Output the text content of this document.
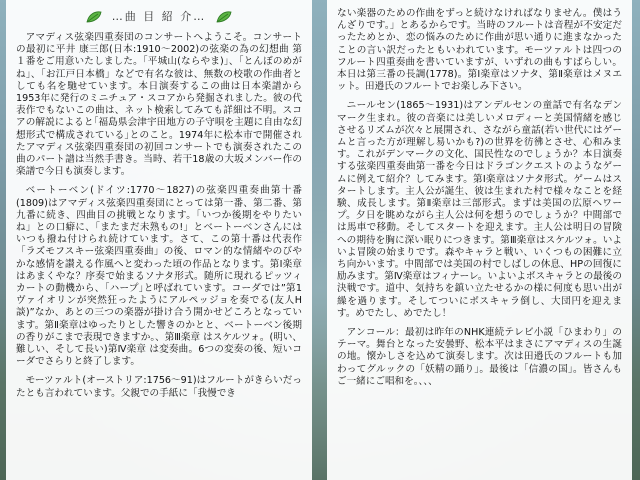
…曲 目 紹 介…

アマディス弦楽四重奏団のコンサートへようこそ。コンサートの最初に平井 康三郎(日本:1910〜2002)の弦楽の為の幻想曲 第１番をご用意いたしました。「平城山(ならやま)」、「とんぼのめがね」、「お江戸日本橋」などで有名な彼は、無数の校歌の作曲者としても名を馳せています。本日演奏するこの曲は日本楽譜から1953年に発行のミニチュア・スコアから発掘されました。彼の代表作でもないこの曲は、ネット検索してみても詳細は不明。スコアの解説によると｢福島県会津宇田地方の子守唄を主題に自由な幻想形式で構成されている｣とのこと。1974年に松本市で開催されたアマディス弦楽四重奏団の初回コンサートでも演奏されたこの曲のパート譜は当然手書き。当時、若干18歳の大坂メンバー作の楽譜で今日も演奏します。

ベートーベン(ドイツ:1770〜1827)の弦楽四重奏曲第十番(1809)はアマディス弦楽四重奏団にとっては第一番、第二番、第九番に続き、四曲目の挑戦となります。「いつか後期をやりたいね」との口癖に、「またまだ未熟もの!」とベートーベンさんにはいつも撥ね付けられ続けています。さて、この第十番は代表作「ラズモフスキー弦楽四重奏曲」の後、ロマン的な情緒やのびやかな感情を讃える作風へと変わった頃の作品となります。第Ⅰ楽章はあまくやな？序奏で始まるソナタ形式。随所に現れるピッツィカートの動機から、｢ハープ｣と呼ばれています。コーダでは”第1ヴァイオリンが突然狂ったようにアルペッジョを奏でる(友人H談)”なか、あとの三つの楽器が掛け合う開かせどころとなっています。第Ⅱ楽章はゆったりとした響きのかとと、ベートーベン後期の香りがこまで表現できますか。、第Ⅲ楽章 はスケルツォ。(明い、難しい、そして長い)第Ⅳ楽章 は変奏曲。6つの変奏の後、短いコーダでさらりと終了します。

モーツァルト(オーストリア:1756〜91)はフルートがきらいだったとも言われています。父親での手紙に「我慢でき

ない楽器のための作曲をずっと続けなければなりません。僕はうんざりです。」とあるからです。当時のフルートは音程が不安定だったためとか、恋の悩みのために作曲が思い通りに進まなかったことの言い訳だったともいわれています。モーツァルトは四つのフルート四重奏曲を書いていますが、いずれの曲もすばらしい。本日は第三番の長調(1778)。第Ⅰ楽章はソナタ、第Ⅱ楽章はメヌエット。田邉氏のフルートでお楽しみ下さい。

ニールセン(1865〜1931)はアンデルセンの童話で有名なデンマーク生まれ。彼の音楽には美しいメロディーと美国情緒を感じさせるリズムが次々と展開され、さながら童話(若い世代にはゲームと言った方が理解し易いかも?)の世界を彷彿とさせ、心和みます。これがデンマークの文化、国民性なのでしょうか？本日演奏する弦楽四重奏曲第一番を今日はドラゴンクエストのようなゲームに例えて紹介？してみます。第Ⅰ楽章はソナタ形式。ゲームはスタートします。主人公が誕生、彼は生まれた村で様々なことを経験、成長します。第Ⅱ楽章は三部形式。まずは美国の広原ヘワープ。夕日を眺めながら主人公は何を想うのでしょうか？中間部では馬車で移動。そしてスタートを迎えます。主人公は明日の冒険への期待を胸に深い眠りにつきます。第Ⅲ楽章はスケルツォ。いよいよ冒険の始まりです。森やキャラと戦い、いくつもの困難に立ち向かいます。中間部では美国の村でしばしの休息、HPの回復に励みます。第Ⅳ楽章はフィナーレ。いよいよボスキャラとの最後の決戦です。道中、気持ちを鎮い立たせるかの様に何度も思い出が繰を過ります。そしてついにボスキャラ倒し、大団円を迎えます。めでたし、めでたし！

アンコール：最初は昨年のNHK連続テレビ小説「ひまわり」のテーマ。舞台となった安曇野、松本平はまさにアマディスの生誕の地。懐かしさを込めて演奏します。次は田邉氏のフルートも加わってグルックの「妖精の踊り」。最後は「信濃の国」。皆さんもご一緒にご唱和を。、、、
